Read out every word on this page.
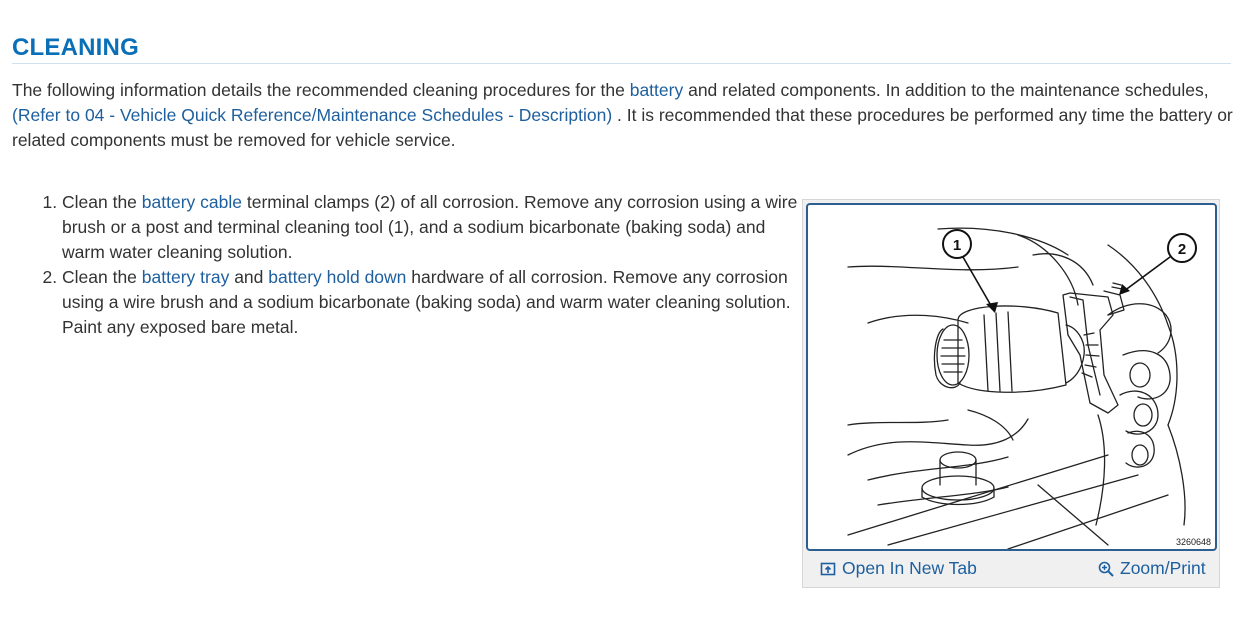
CLEANING

The following information details the recommended cleaning procedures for the battery and related components. In addition to the maintenance schedules, (Refer to 04 - Vehicle Quick Reference/Maintenance Schedules - Description) . It is recommended that these procedures be performed any time the battery or related components must be removed for vehicle service.

1. Clean the battery cable terminal clamps (2) of all corrosion. Remove any corrosion using a wire brush or a post and terminal cleaning tool (1), and a sodium bicarbonate (baking soda) and warm water cleaning solution.
2. Clean the battery tray and battery hold down hardware of all corrosion. Remove any corrosion using a wire brush and a sodium bicarbonate (baking soda) and warm water cleaning solution. Paint any exposed bare metal.
1	2
3260648
Open In New Tab	Zoom/Print
